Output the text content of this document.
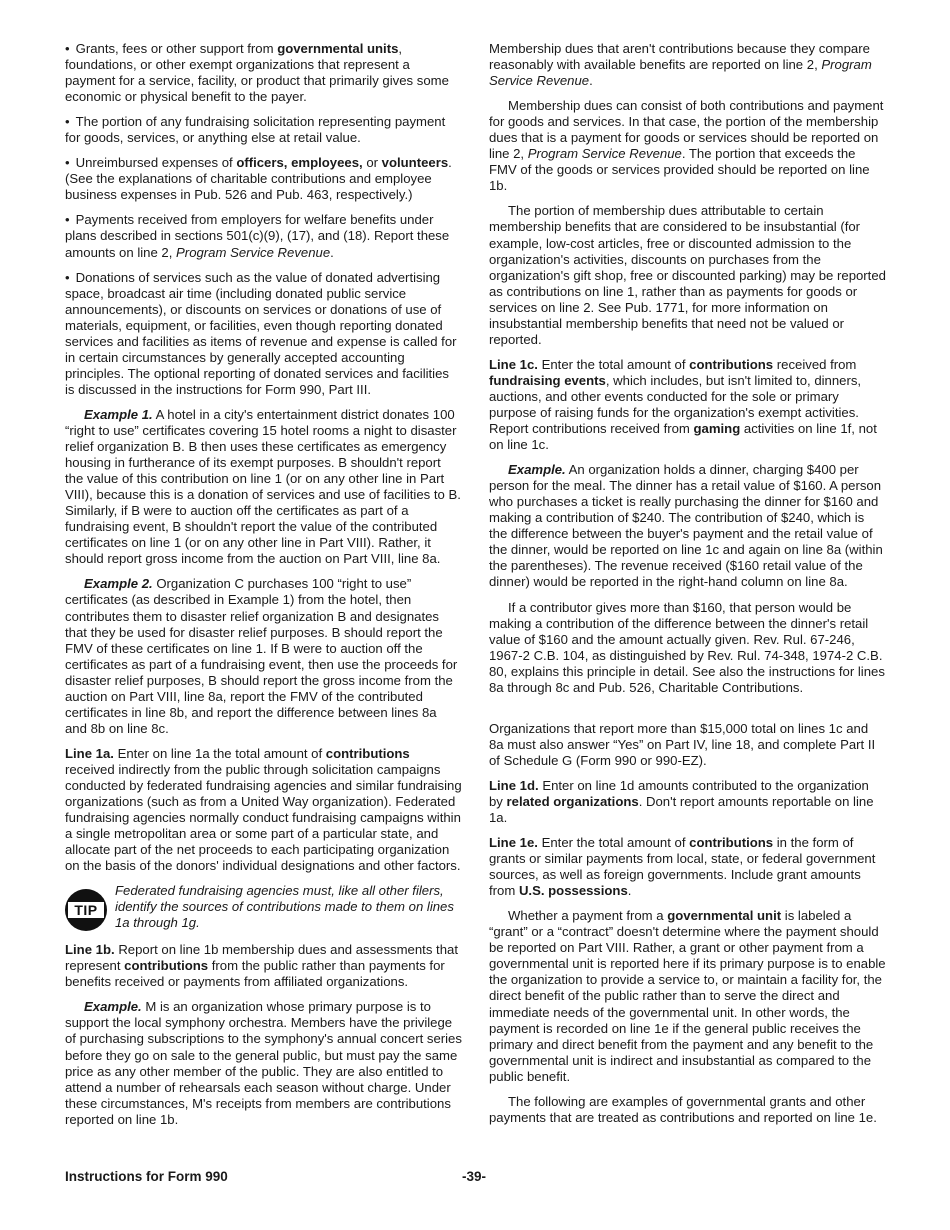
• Grants, fees or other support from governmental units, foundations, or other exempt organizations that represent a payment for a service, facility, or product that primarily gives some economic or physical benefit to the payer.

• The portion of any fundraising solicitation representing payment for goods, services, or anything else at retail value.

• Unreimbursed expenses of officers, employees, or volunteers. (See the explanations of charitable contributions and employee business expenses in Pub. 526 and Pub. 463, respectively.)

• Payments received from employers for welfare benefits under plans described in sections 501(c)(9), (17), and (18). Report these amounts on line 2, Program Service Revenue.

• Donations of services such as the value of donated advertising space, broadcast air time (including donated public service announcements), or discounts on services or donations of use of materials, equipment, or facilities, even though reporting donated services and facilities as items of revenue and expense is called for in certain circumstances by generally accepted accounting principles. The optional reporting of donated services and facilities is discussed in the instructions for Form 990, Part III.

Example 1. A hotel in a city's entertainment district donates 100 “right to use” certificates covering 15 hotel rooms a night to disaster relief organization B. B then uses these certificates as emergency housing in furtherance of its exempt purposes. B shouldn't report the value of this contribution on line 1 (or on any other line in Part VIII), because this is a donation of services and use of facilities to B. Similarly, if B were to auction off the certificates as part of a fundraising event, B shouldn't report the value of the contributed certificates on line 1 (or on any other line in Part VIII). Rather, it should report gross income from the auction on Part VIII, line 8a.

Example 2. Organization C purchases 100 “right to use” certificates (as described in Example 1) from the hotel, then contributes them to disaster relief organization B and designates that they be used for disaster relief purposes. B should report the FMV of these certificates on line 1. If B were to auction off the certificates as part of a fundraising event, then use the proceeds for disaster relief purposes, B should report the gross income from the auction on Part VIII, line 8a, report the FMV of the contributed certificates in line 8b, and report the difference between lines 8a and 8b on line 8c.

Line 1a. Enter on line 1a the total amount of contributions received indirectly from the public through solicitation campaigns conducted by federated fundraising agencies and similar fundraising organizations (such as from a United Way organization). Federated fundraising agencies normally conduct fundraising campaigns within a single metropolitan area or some part of a particular state, and allocate part of the net proceeds to each participating organization on the basis of the donors' individual designations and other factors.

TIP
Federated fundraising agencies must, like all other filers, identify the sources of contributions made to them on lines 1a through 1g.

Line 1b. Report on line 1b membership dues and assessments that represent contributions from the public rather than payments for benefits received or payments from affiliated organizations.

Example. M is an organization whose primary purpose is to support the local symphony orchestra. Members have the privilege of purchasing subscriptions to the symphony's annual concert series before they go on sale to the general public, but must pay the same price as any other member of the public. They are also entitled to attend a number of rehearsals each season without charge. Under these circumstances, M's receipts from members are contributions reported on line 1b.

Membership dues that aren't contributions because they compare reasonably with available benefits are reported on line 2, Program Service Revenue.

Membership dues can consist of both contributions and payment for goods and services. In that case, the portion of the membership dues that is a payment for goods or services should be reported on line 2, Program Service Revenue. The portion that exceeds the FMV of the goods or services provided should be reported on line 1b.

The portion of membership dues attributable to certain membership benefits that are considered to be insubstantial (for example, low-cost articles, free or discounted admission to the organization's activities, discounts on purchases from the organization's gift shop, free or discounted parking) may be reported as contributions on line 1, rather than as payments for goods or services on line 2. See Pub. 1771, for more information on insubstantial membership benefits that need not be valued or reported.

Line 1c. Enter the total amount of contributions received from fundraising events, which includes, but isn't limited to, dinners, auctions, and other events conducted for the sole or primary purpose of raising funds for the organization's exempt activities. Report contributions received from gaming activities on line 1f, not on line 1c.

Example. An organization holds a dinner, charging $400 per person for the meal. The dinner has a retail value of $160. A person who purchases a ticket is really purchasing the dinner for $160 and making a contribution of $240. The contribution of $240, which is the difference between the buyer's payment and the retail value of the dinner, would be reported on line 1c and again on line 8a (within the parentheses). The revenue received ($160 retail value of the dinner) would be reported in the right-hand column on line 8a.

If a contributor gives more than $160, that person would be making a contribution of the difference between the dinner's retail value of $160 and the amount actually given. Rev. Rul. 67-246, 1967-2 C.B. 104, as distinguished by Rev. Rul. 74-348, 1974-2 C.B. 80, explains this principle in detail. See also the instructions for lines 8a through 8c and Pub. 526, Charitable Contributions.

Organizations that report more than $15,000 total on lines 1c and 8a must also answer “Yes” on Part IV, line 18, and complete Part II of Schedule G (Form 990 or 990-EZ).

Line 1d. Enter on line 1d amounts contributed to the organization by related organizations. Don't report amounts reportable on line 1a.

Line 1e. Enter the total amount of contributions in the form of grants or similar payments from local, state, or federal government sources, as well as foreign governments. Include grant amounts from U.S. possessions.

Whether a payment from a governmental unit is labeled a “grant” or a “contract” doesn't determine where the payment should be reported on Part VIII. Rather, a grant or other payment from a governmental unit is reported here if its primary purpose is to enable the organization to provide a service to, or maintain a facility for, the direct benefit of the public rather than to serve the direct and immediate needs of the governmental unit. In other words, the payment is recorded on line 1e if the general public receives the primary and direct benefit from the payment and any benefit to the governmental unit is indirect and insubstantial as compared to the public benefit.

The following are examples of governmental grants and other payments that are treated as contributions and reported on line 1e.

Instructions for Form 990	-39-
